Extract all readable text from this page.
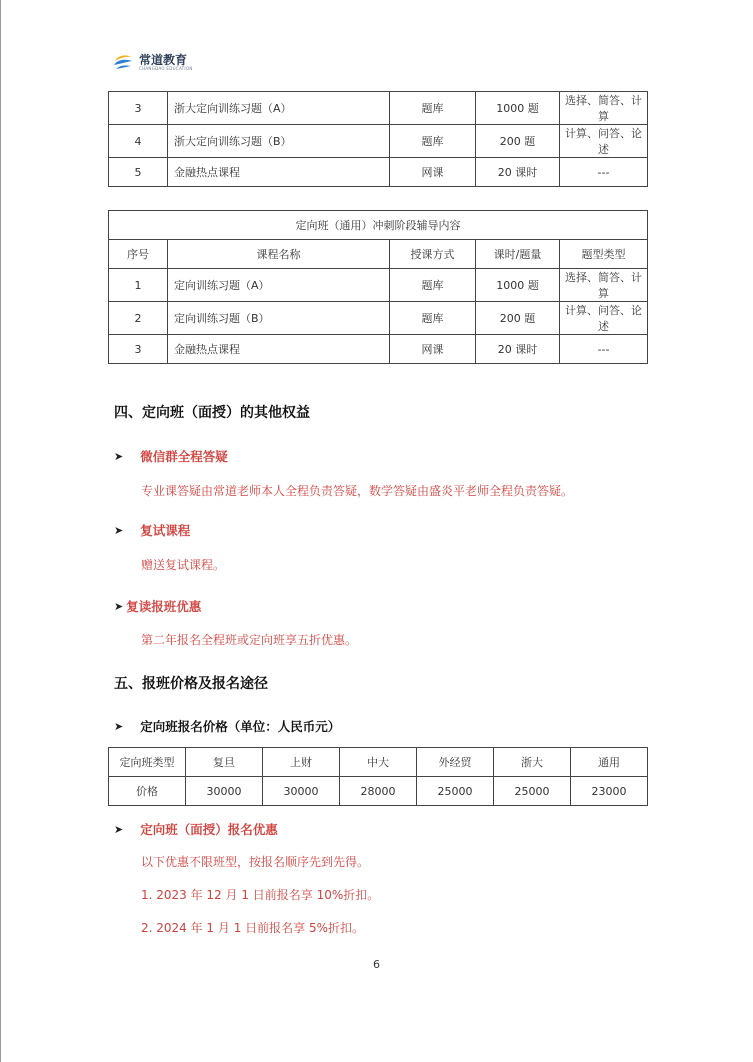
常道教育
CHANGDAO EDUCATION
3	浙大定向训练习题（A）	题库	1000 题	选择、简答、计算
4	浙大定向训练习题（B）	题库	200 题	计算、问答、论述
5	金融热点课程	网课	20 课时	---
定向班（通用）冲刺阶段辅导内容				
序号	课程名称	授课方式	课时/题量	题型类型
1	定向训练习题（A）	题库	1000 题	选择、简答、计算
2	定向训练习题（B）	题库	200 题	计算、问答、论述
3	金融热点课程	网课	20 课时	---
四、定向班（面授）的其他权益
➤ 微信群全程答疑
专业课答疑由常道老师本人全程负责答疑，数学答疑由盛炎平老师全程负责答疑。
➤ 复试课程
赠送复试课程。
➤ 复读报班优惠
第二年报名全程班或定向班享五折优惠。
五、报班价格及报名途径
➤ 定向班报名价格（单位：人民币元）
定向班类型	复旦	上财	中大	外经贸	浙大	通用
价格	30000	30000	28000	25000	25000	23000
➤ 定向班（面授）报名优惠
以下优惠不限班型，按报名顺序先到先得。
1. 2023 年 12 月 1 日前报名享 10%折扣。
2. 2024 年 1 月 1 日前报名享 5%折扣。
6
